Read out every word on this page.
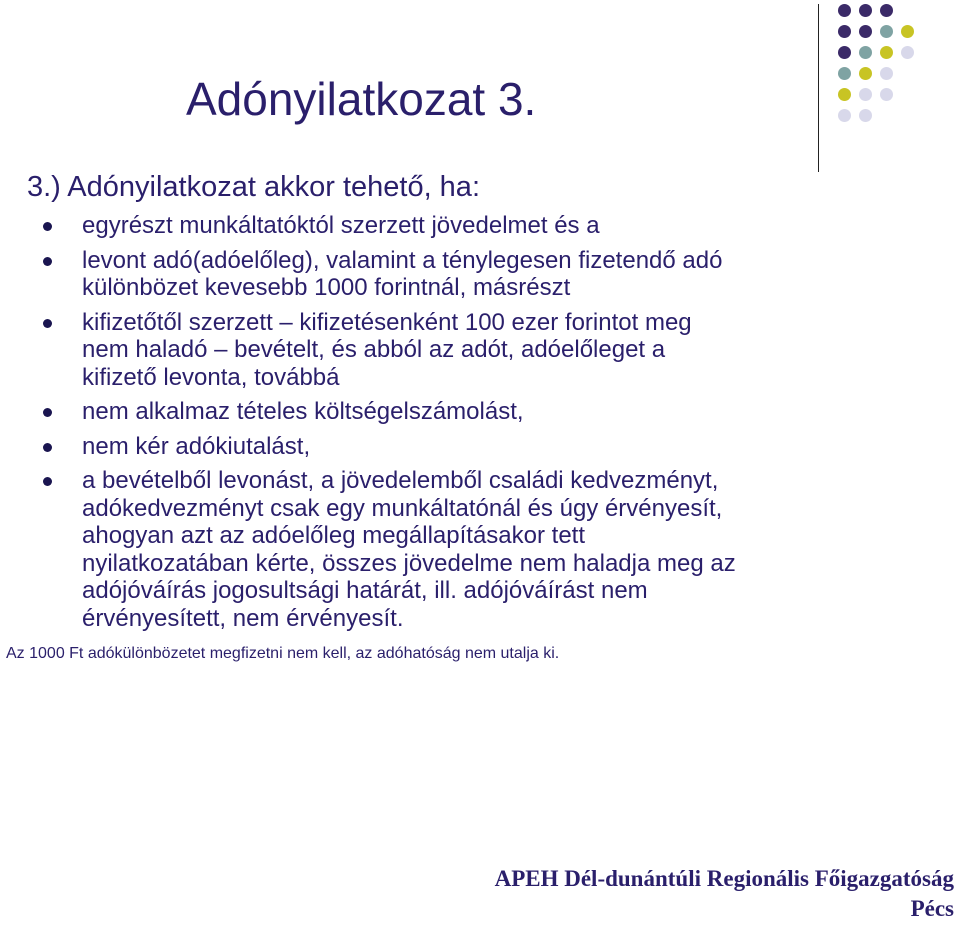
Adónyilatkozat 3.
3.) Adónyilatkozat akkor tehető, ha:
egyrészt munkáltatóktól szerzett jövedelmet és a
levont adó(adóelőleg), valamint a ténylegesen fizetendő adó
különbözet kevesebb 1000 forintnál, másrészt
kifizetőtől szerzett – kifizetésenként 100 ezer forintot meg
nem haladó – bevételt, és abból az adót, adóelőleget a
kifizető levonta, továbbá
nem alkalmaz tételes költségelszámolást,
nem kér adókiutalást,
a bevételből levonást, a jövedelemből családi kedvezményt,
adókedvezményt csak egy munkáltatónál és úgy érvényesít,
ahogyan azt az adóelőleg megállapításakor tett
nyilatkozatában kérte, összes jövedelme nem haladja meg az
adójóváírás jogosultsági határát, ill. adójóváírást nem
érvényesített, nem érvényesít.
Az 1000 Ft adókülönbözetet megfizetni nem kell, az adóhatóság nem utalja ki.
APEH Dél-dunántúli Regionális Főigazgatóság
Pécs
